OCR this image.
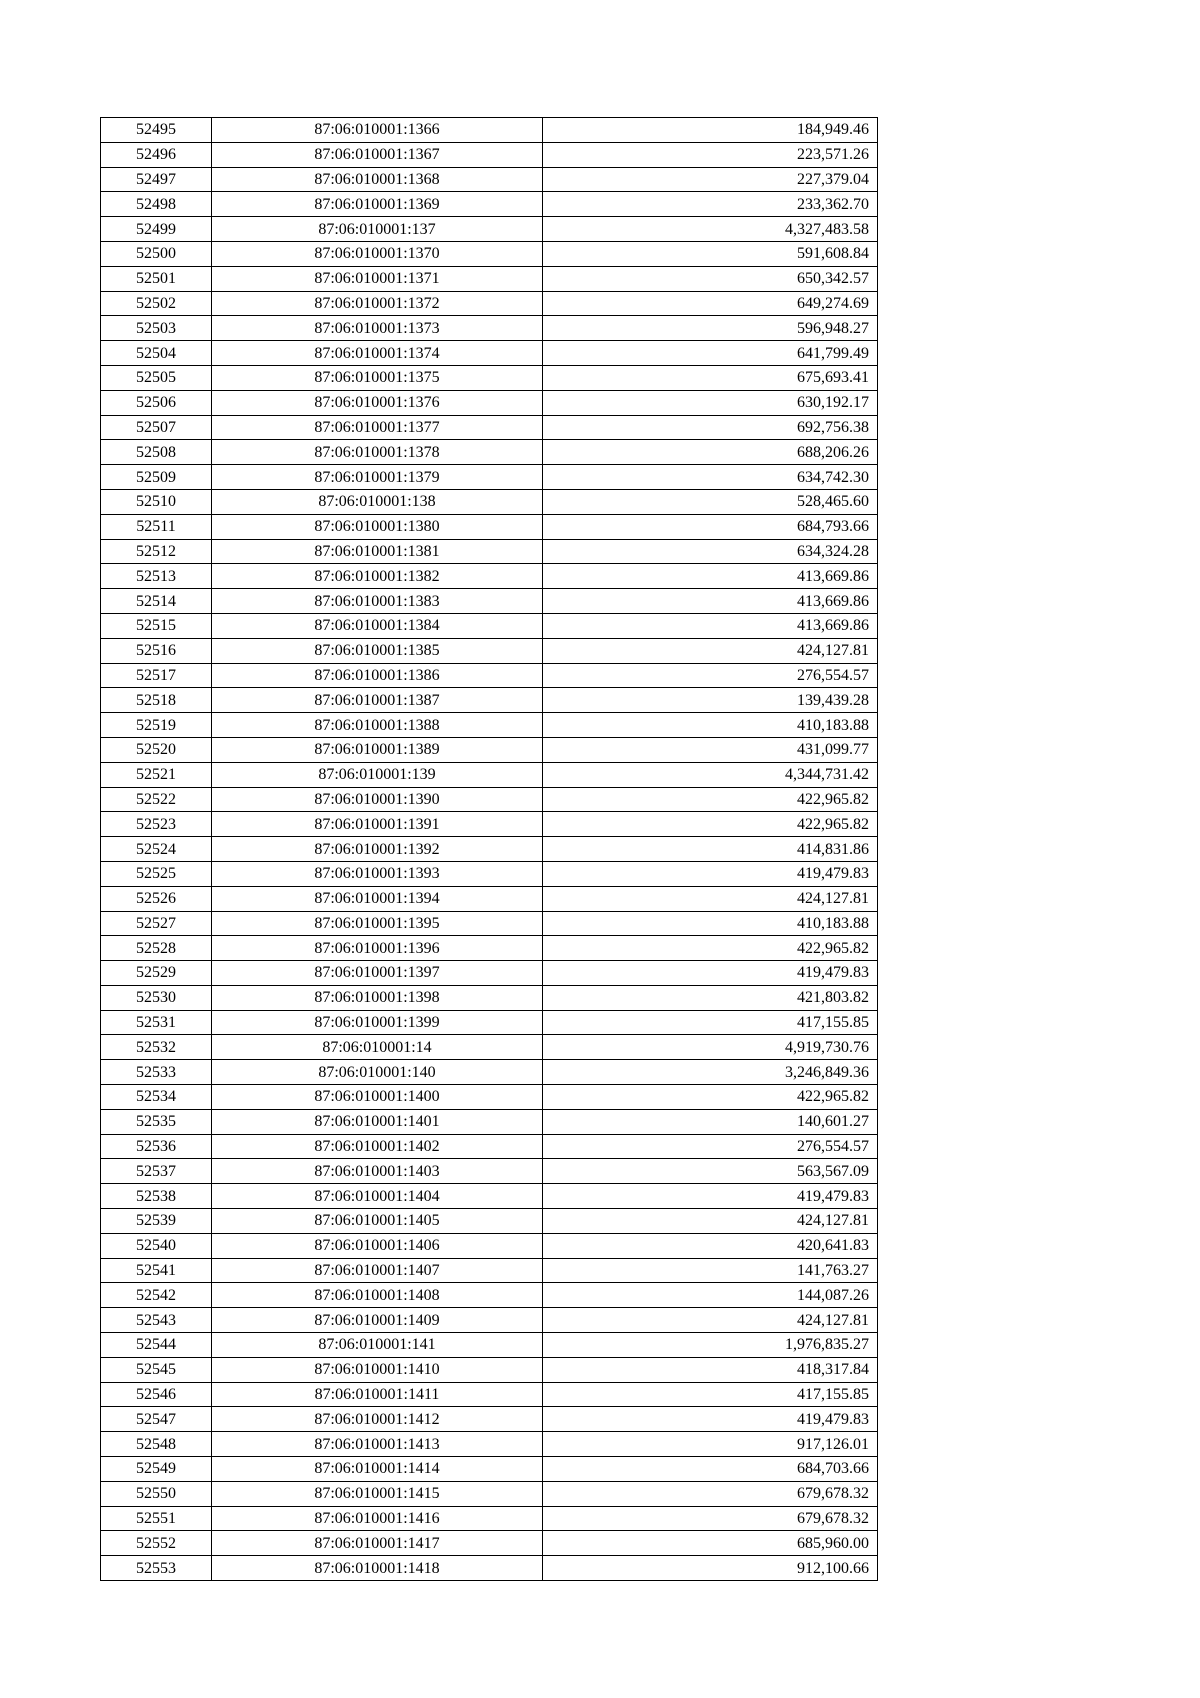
52495	87:06:010001:1366	184,949.46
52496	87:06:010001:1367	223,571.26
52497	87:06:010001:1368	227,379.04
52498	87:06:010001:1369	233,362.70
52499	87:06:010001:137	4,327,483.58
52500	87:06:010001:1370	591,608.84
52501	87:06:010001:1371	650,342.57
52502	87:06:010001:1372	649,274.69
52503	87:06:010001:1373	596,948.27
52504	87:06:010001:1374	641,799.49
52505	87:06:010001:1375	675,693.41
52506	87:06:010001:1376	630,192.17
52507	87:06:010001:1377	692,756.38
52508	87:06:010001:1378	688,206.26
52509	87:06:010001:1379	634,742.30
52510	87:06:010001:138	528,465.60
52511	87:06:010001:1380	684,793.66
52512	87:06:010001:1381	634,324.28
52513	87:06:010001:1382	413,669.86
52514	87:06:010001:1383	413,669.86
52515	87:06:010001:1384	413,669.86
52516	87:06:010001:1385	424,127.81
52517	87:06:010001:1386	276,554.57
52518	87:06:010001:1387	139,439.28
52519	87:06:010001:1388	410,183.88
52520	87:06:010001:1389	431,099.77
52521	87:06:010001:139	4,344,731.42
52522	87:06:010001:1390	422,965.82
52523	87:06:010001:1391	422,965.82
52524	87:06:010001:1392	414,831.86
52525	87:06:010001:1393	419,479.83
52526	87:06:010001:1394	424,127.81
52527	87:06:010001:1395	410,183.88
52528	87:06:010001:1396	422,965.82
52529	87:06:010001:1397	419,479.83
52530	87:06:010001:1398	421,803.82
52531	87:06:010001:1399	417,155.85
52532	87:06:010001:14	4,919,730.76
52533	87:06:010001:140	3,246,849.36
52534	87:06:010001:1400	422,965.82
52535	87:06:010001:1401	140,601.27
52536	87:06:010001:1402	276,554.57
52537	87:06:010001:1403	563,567.09
52538	87:06:010001:1404	419,479.83
52539	87:06:010001:1405	424,127.81
52540	87:06:010001:1406	420,641.83
52541	87:06:010001:1407	141,763.27
52542	87:06:010001:1408	144,087.26
52543	87:06:010001:1409	424,127.81
52544	87:06:010001:141	1,976,835.27
52545	87:06:010001:1410	418,317.84
52546	87:06:010001:1411	417,155.85
52547	87:06:010001:1412	419,479.83
52548	87:06:010001:1413	917,126.01
52549	87:06:010001:1414	684,703.66
52550	87:06:010001:1415	679,678.32
52551	87:06:010001:1416	679,678.32
52552	87:06:010001:1417	685,960.00
52553	87:06:010001:1418	912,100.66
